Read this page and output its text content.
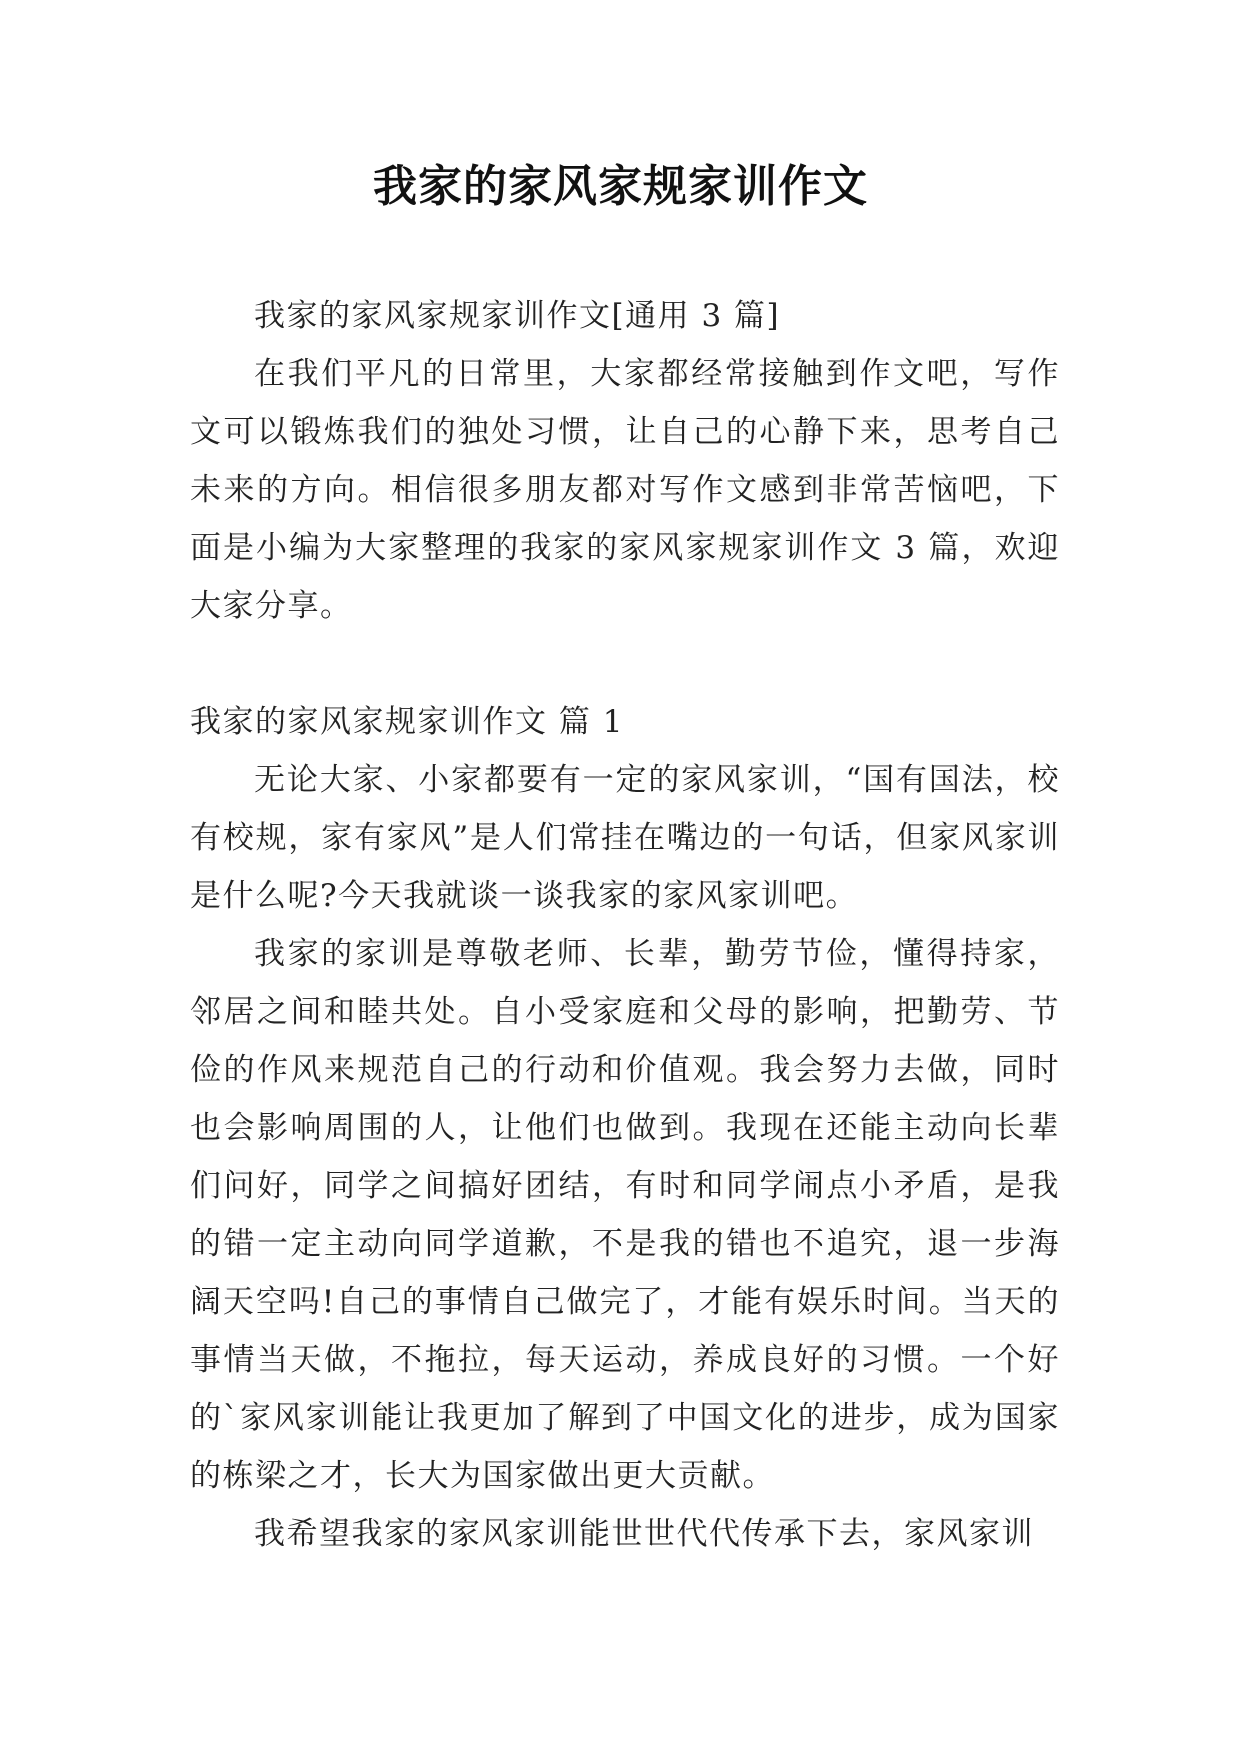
我家的家风家规家训作文

我家的家风家规家训作文[通用 3 篇]

在我们平凡的日常里，大家都经常接触到作文吧，写作文可以锻炼我们的独处习惯，让自己的心静下来，思考自己未来的方向。相信很多朋友都对写作文感到非常苦恼吧，下面是小编为大家整理的我家的家风家规家训作文 3 篇，欢迎大家分享。

我家的家风家规家训作文 篇 1

无论大家、小家都要有一定的家风家训，“国有国法，校有校规，家有家风”是人们常挂在嘴边的一句话，但家风家训是什么呢?今天我就谈一谈我家的家风家训吧。

我家的家训是尊敬老师、长辈，勤劳节俭，懂得持家，邻居之间和睦共处。自小受家庭和父母的影响，把勤劳、节俭的作风来规范自己的行动和价值观。我会努力去做，同时也会影响周围的人，让他们也做到。我现在还能主动向长辈们问好，同学之间搞好团结，有时和同学闹点小矛盾，是我的错一定主动向同学道歉，不是我的错也不追究，退一步海阔天空吗!自己的事情自己做完了，才能有娱乐时间。当天的事情当天做，不拖拉，每天运动，养成良好的习惯。一个好的`家风家训能让我更加了解到了中国文化的进步，成为国家的栋梁之才，长大为国家做出更大贡献。

我希望我家的家风家训能世世代代传承下去，家风家训
